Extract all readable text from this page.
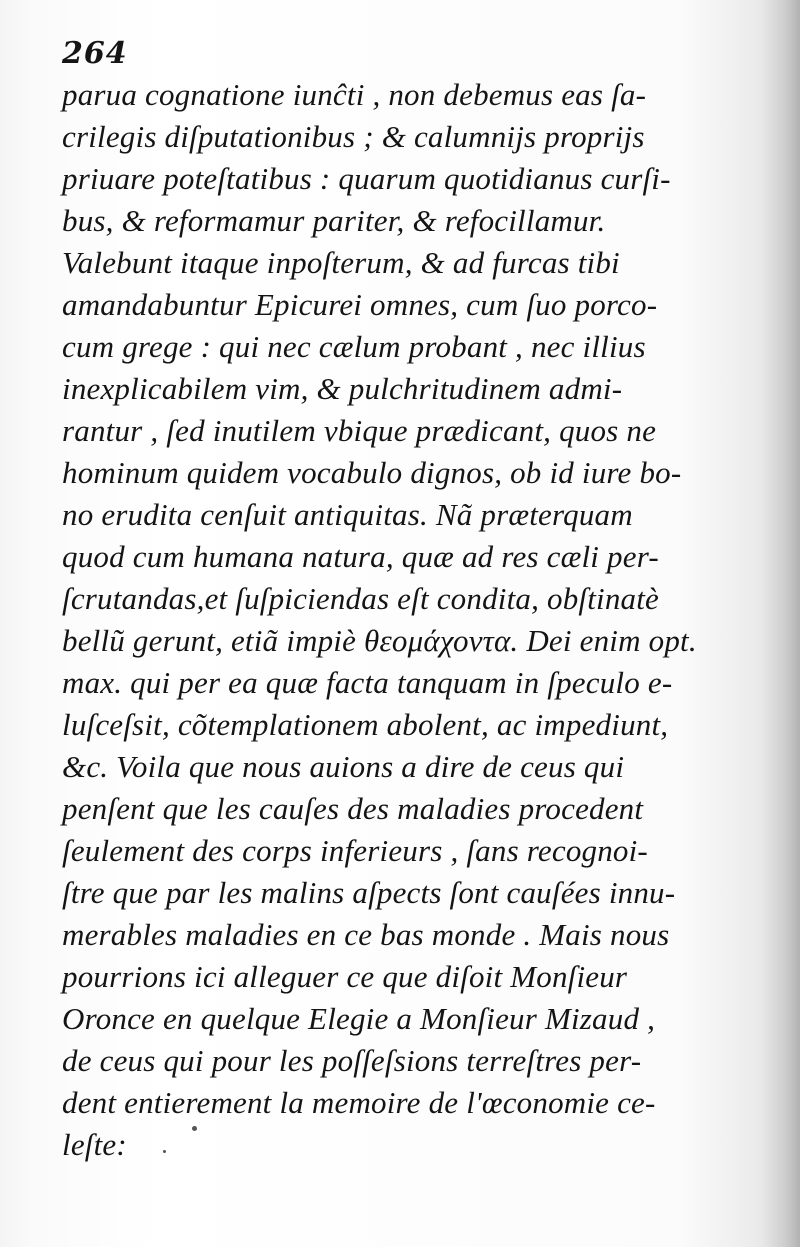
264
parua cognatione iunĉti , non debemus eas ſa-
crilegis diſputationibus ; & calumnijs proprijs
priuare poteſtatibus : quarum quotidianus curſi-
bus, & reformamur pariter, & refocillamur.
Valebunt itaque inpoſterum, & ad furcas tibi
amandabuntur Epicurei omnes, cum ſuo porco-
cum grege : qui nec cælum probant , nec illius
inexplicabilem vim, & pulchritudinem admi-
rantur , ſed inutilem vbique prædicant, quos ne
hominum quidem vocabulo dignos, ob id iure bo-
no erudita cenſuit antiquitas. Nã præterquam
quod cum humana natura, quæ ad res cæli per-
ſcrutandas,et ſuſpiciendas eſt condita, obſtinatè
bellũ gerunt, etiã impiè θεομάχοντα. Dei enim opt.
max. qui per ea quæ facta tanquam in ſpeculo e-
luſceſsit, cõtemplationem abolent, ac impediunt,
&c. Voila que nous auions a dire de ceus qui
penſent que les cauſes des maladies procedent
ſeulement des corps inferieurs , ſans recognoi-
ſtre que par les malins aſpects ſont cauſées innu-
merables maladies en ce bas monde . Mais nous
pourrions ici alleguer ce que diſoit Monſieur
Oronce en quelque Elegie a Monſieur Mizaud ,
de ceus qui pour les poſſeſsions terreſtres per-
dent entierement la memoire de l'œconomie ce-
leſte:
